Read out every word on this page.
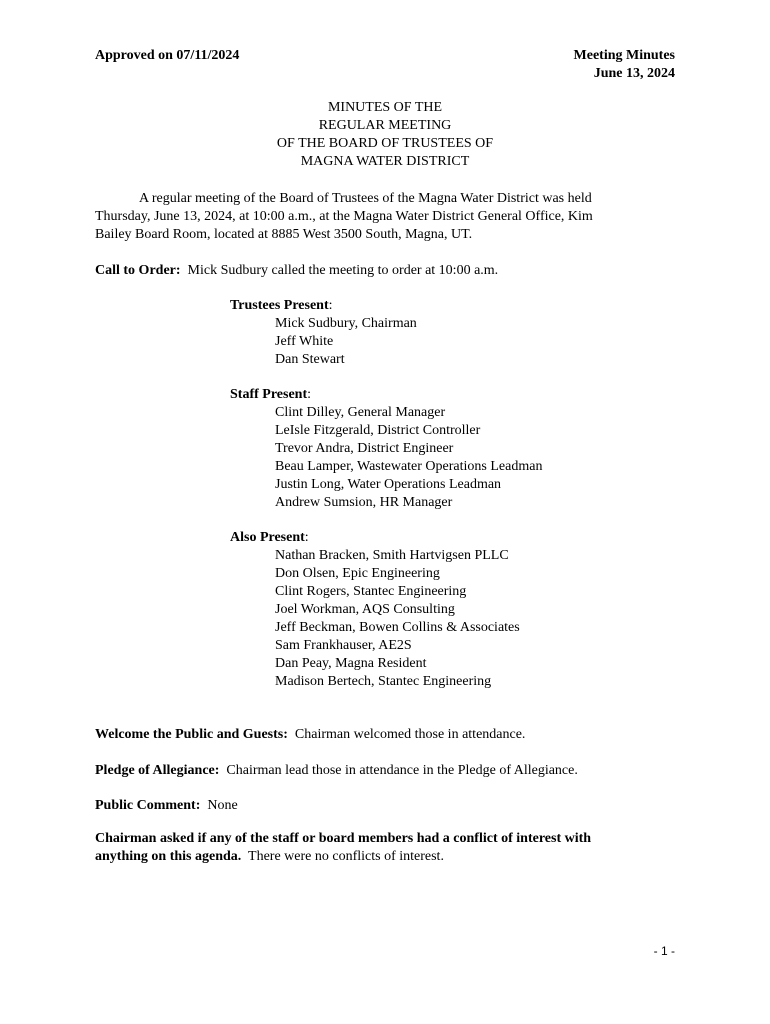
Approved on 07/11/2024	Meeting Minutes
June 13, 2024
MINUTES OF THE
REGULAR MEETING
OF THE BOARD OF TRUSTEES OF
MAGNA WATER DISTRICT
A regular meeting of the Board of Trustees of the Magna Water District was held
Thursday, June 13, 2024, at 10:00 a.m., at the Magna Water District General Office, Kim
Bailey Board Room, located at 8885 West 3500 South, Magna, UT.
Call to Order: Mick Sudbury called the meeting to order at 10:00 a.m.
Trustees Present:
Mick Sudbury, Chairman
Jeff White
Dan Stewart
Staff Present:
Clint Dilley, General Manager
LeIsle Fitzgerald, District Controller
Trevor Andra, District Engineer
Beau Lamper, Wastewater Operations Leadman
Justin Long, Water Operations Leadman
Andrew Sumsion, HR Manager
Also Present:
Nathan Bracken, Smith Hartvigsen PLLC
Don Olsen, Epic Engineering
Clint Rogers, Stantec Engineering
Joel Workman, AQS Consulting
Jeff Beckman, Bowen Collins & Associates
Sam Frankhauser, AE2S
Dan Peay, Magna Resident
Madison Bertech, Stantec Engineering
Welcome the Public and Guests: Chairman welcomed those in attendance.
Pledge of Allegiance: Chairman lead those in attendance in the Pledge of Allegiance.
Public Comment: None
Chairman asked if any of the staff or board members had a conflict of interest with
anything on this agenda. There were no conflicts of interest.
- 1 -
